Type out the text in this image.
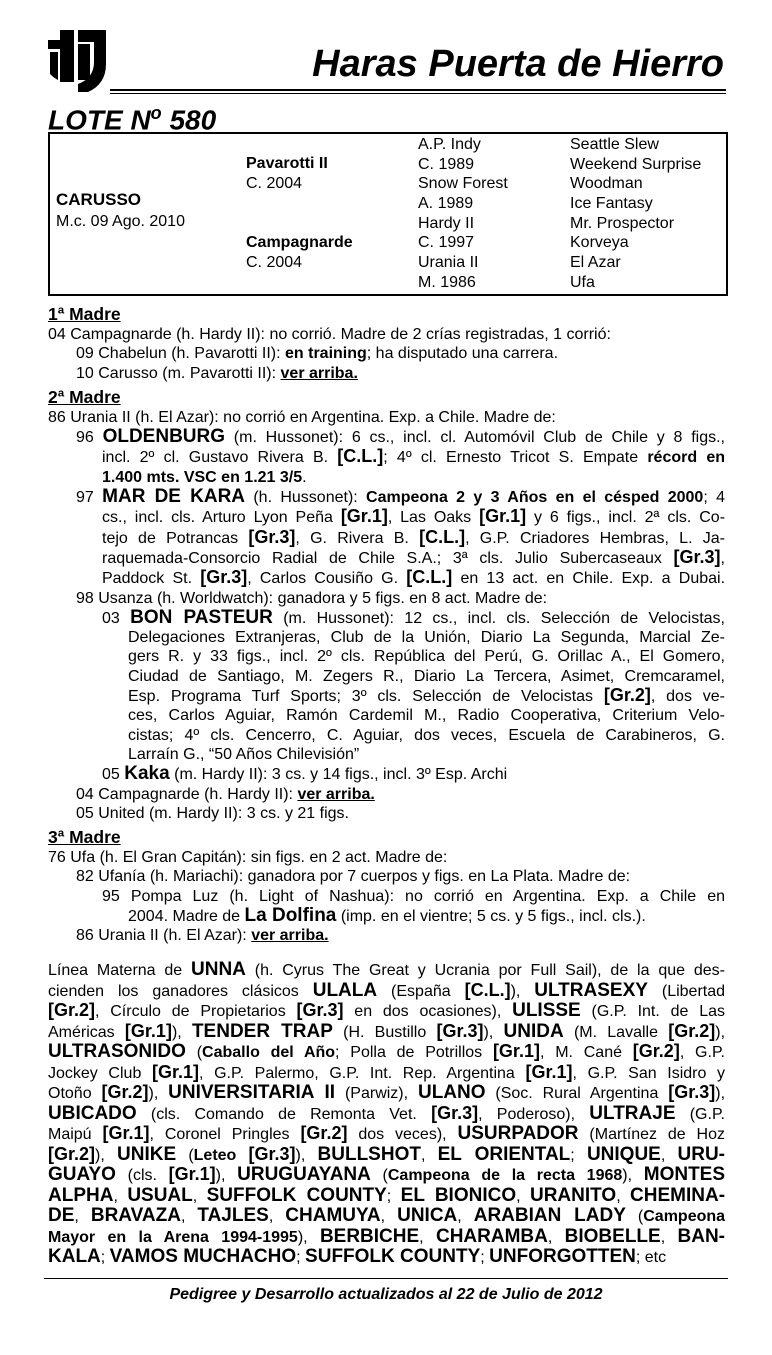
Haras Puerta de Hierro
LOTE $N^o$ 580
CARUSSO
M.c. 09 Ago. 2010
Pavarotti II
C. 2004
Campagnarde
C. 2004
A.P. Indy
C. 1989
Snow Forest
A. 1989
Hardy II
C. 1997
Urania II
M. 1986
Seattle Slew
Weekend Surprise
Woodman
Ice Fantasy
Mr. Prospector
Korveya
El Azar
Ufa
1ª Madre
04 Campagnarde (h. Hardy II): no corrió. Madre de 2 crías registradas, 1 corrió:
09 Chabelun (h. Pavarotti II): en training; ha disputado una carrera.
10 Carusso (m. Pavarotti II): ver arriba.
2ª Madre
86 Urania II (h. El Azar): no corrió en Argentina. Exp. a Chile. Madre de:
96 OLDENBURG (m. Hussonet): 6 cs., incl. cl. Automóvil Club de Chile y 8 figs.,
incl. 2º cl. Gustavo Rivera B. [C.L.]; 4º cl. Ernesto Tricot S. Empate récord en
1.400 mts. VSC en 1.21 3/5.
97 MAR DE KARA (h. Hussonet): Campeona 2 y 3 Años en el césped 2000; 4
cs., incl. cls. Arturo Lyon Peña [Gr.1], Las Oaks [Gr.1] y 6 figs., incl. 2ª cls. Co-
tejo de Potrancas [Gr.3], G. Rivera B. [C.L.], G.P. Criadores Hembras, L. Ja-
raquemada-Consorcio Radial de Chile S.A.; 3ª cls. Julio Subercaseaux [Gr.3],
Paddock St. [Gr.3], Carlos Cousiño G. [C.L.] en 13 act. en Chile. Exp. a Dubai.
98 Usanza (h. Worldwatch): ganadora y 5 figs. en 8 act. Madre de:
03 BON PASTEUR (m. Hussonet): 12 cs., incl. cls. Selección de Velocistas,
Delegaciones Extranjeras, Club de la Unión, Diario La Segunda, Marcial Ze-
gers R. y 33 figs., incl. 2º cls. República del Perú, G. Orillac A., El Gomero,
Ciudad de Santiago, M. Zegers R., Diario La Tercera, Asimet, Cremcaramel,
Esp. Programa Turf Sports; 3º cls. Selección de Velocistas [Gr.2], dos ve-
ces, Carlos Aguiar, Ramón Cardemil M., Radio Cooperativa, Criterium Velo-
cistas; 4º cls. Cencerro, C. Aguiar, dos veces, Escuela de Carabineros, G.
Larraín G., “50 Años Chilevisión”
05 Kaka (m. Hardy II): 3 cs. y 14 figs., incl. 3º Esp. Archi
04 Campagnarde (h. Hardy II): ver arriba.
05 United (m. Hardy II): 3 cs. y 21 figs.
3ª Madre
76 Ufa (h. El Gran Capitán): sin figs. en 2 act. Madre de:
82 Ufanía (h. Mariachi): ganadora por 7 cuerpos y figs. en La Plata. Madre de:
95 Pompa Luz (h. Light of Nashua): no corrió en Argentina. Exp. a Chile en
2004. Madre de La Dolfina (imp. en el vientre; 5 cs. y 5 figs., incl. cls.).
86 Urania II (h. El Azar): ver arriba.
Línea Materna de UNNA (h. Cyrus The Great y Ucrania por Full Sail), de la que des-
cienden los ganadores clásicos ULALA (España [C.L.]), ULTRASEXY (Libertad
[Gr.2], Círculo de Propietarios [Gr.3] en dos ocasiones), ULISSE (G.P. Int. de Las
Américas [Gr.1]), TENDER TRAP (H. Bustillo [Gr.3]), UNIDA (M. Lavalle [Gr.2]),
ULTRASONIDO (Caballo del Año; Polla de Potrillos [Gr.1], M. Cané [Gr.2], G.P.
Jockey Club [Gr.1], G.P. Palermo, G.P. Int. Rep. Argentina [Gr.1], G.P. San Isidro y
Otoño [Gr.2]), UNIVERSITARIA II (Parwiz), ULANO (Soc. Rural Argentina [Gr.3]),
UBICADO (cls. Comando de Remonta Vet. [Gr.3], Poderoso), ULTRAJE (G.P.
Maipú [Gr.1], Coronel Pringles [Gr.2] dos veces), USURPADOR (Martínez de Hoz
[Gr.2]), UNIKE (Leteo [Gr.3]), BULLSHOT, EL ORIENTAL; UNIQUE, URU-
GUAYO (cls. [Gr.1]), URUGUAYANA (Campeona de la recta 1968), MONTES
ALPHA, USUAL, SUFFOLK COUNTY; EL BIONICO, URANITO, CHEMINA-
DE, BRAVAZA, TAJLES, CHAMUYA, UNICA, ARABIAN LADY (Campeona
Mayor en la Arena 1994-1995), BERBICHE, CHARAMBA, BIOBELLE, BAN-
KALA; VAMOS MUCHACHO; SUFFOLK COUNTY; UNFORGOTTEN; etc
Pedigree y Desarrollo actualizados al 22 de Julio de 2012
